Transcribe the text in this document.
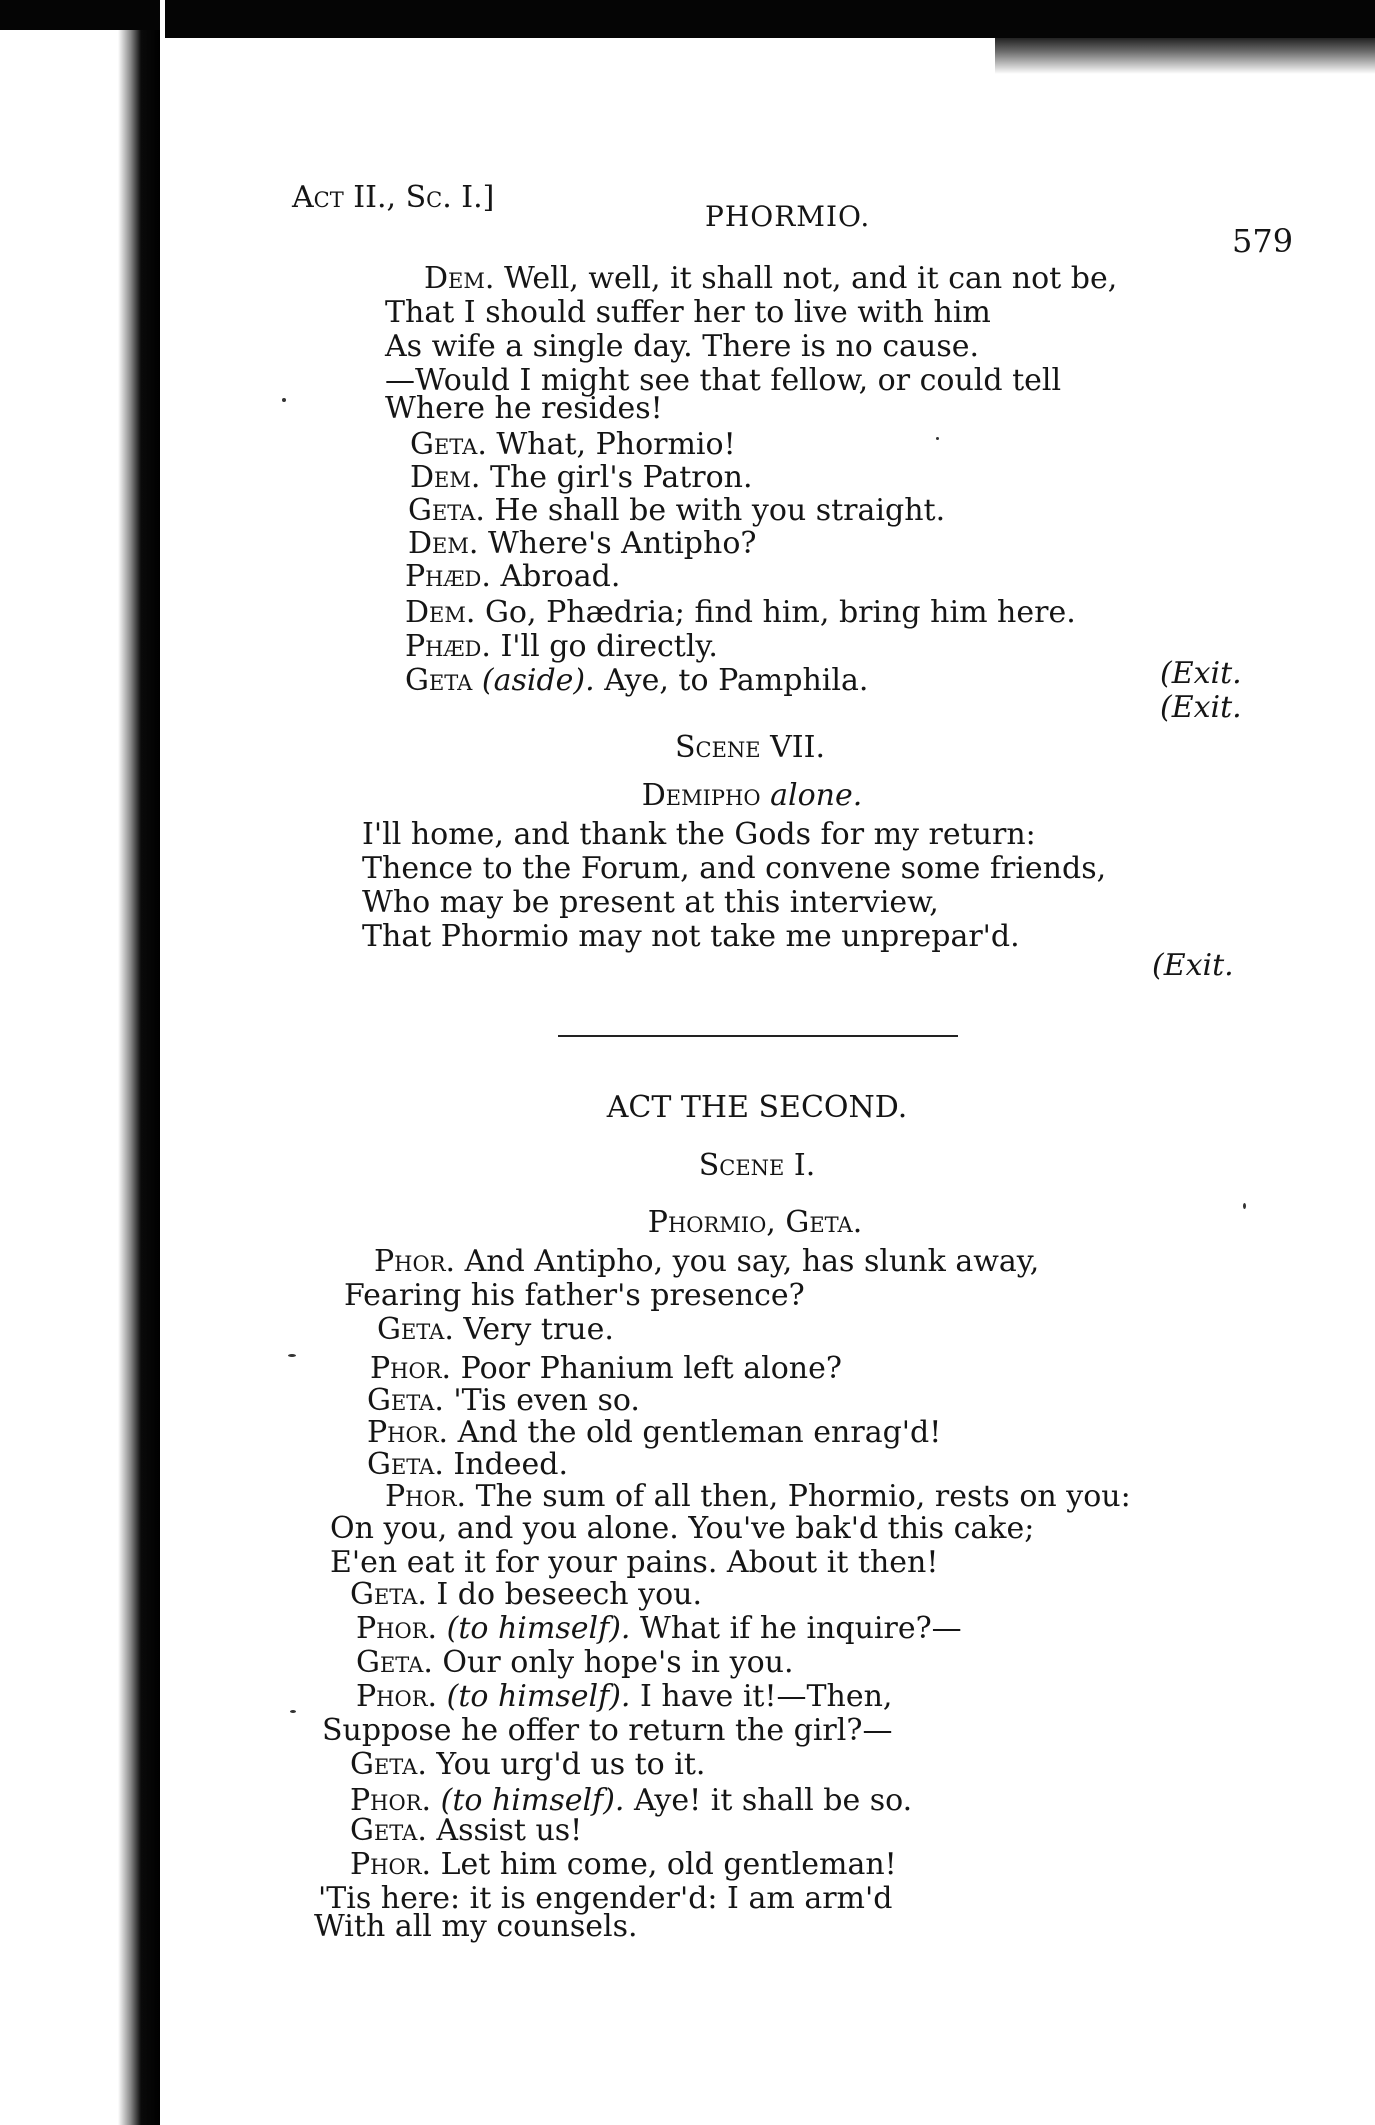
Act II., Sc. I.]
PHORMIO.
579
Dem. Well, well, it shall not, and it can not be,
That I should suffer her to live with him
As wife a single day. There is no cause.
—Would I might see that fellow, or could tell
Where he resides!
Geta. What, Phormio!
Dem. The girl's Patron.
Geta. He shall be with you straight.
Dem. Where's Antipho?
Phæd. Abroad.
Dem. Go, Phædria; find him, bring him here.
Phæd. I'll go directly.
Geta (aside). Aye, to Pamphila.	(Exit.
(Exit.
Scene VII.
Demipho alone.
I'll home, and thank the Gods for my return:
Thence to the Forum, and convene some friends,
Who may be present at this interview,
That Phormio may not take me unprepar'd.
(Exit.
ACT THE SECOND.
Scene I.
Phormio, Geta.
Phor. And Antipho, you say, has slunk away,
Fearing his father's presence?
Geta. Very true.
Phor. Poor Phanium left alone?
Geta. 'Tis even so.
Phor. And the old gentleman enrag'd!
Geta. Indeed.
Phor. The sum of all then, Phormio, rests on you:
On you, and you alone. You've bak'd this cake;
E'en eat it for your pains. About it then!
Geta. I do beseech you.
Phor. (to himself). What if he inquire?—
Geta. Our only hope's in you.
Phor. (to himself). I have it!—Then,
Suppose he offer to return the girl?—
Geta. You urg'd us to it.
Phor. (to himself). Aye! it shall be so.
Geta. Assist us!
Phor. Let him come, old gentleman!
'Tis here: it is engender'd: I am arm'd
With all my counsels.
